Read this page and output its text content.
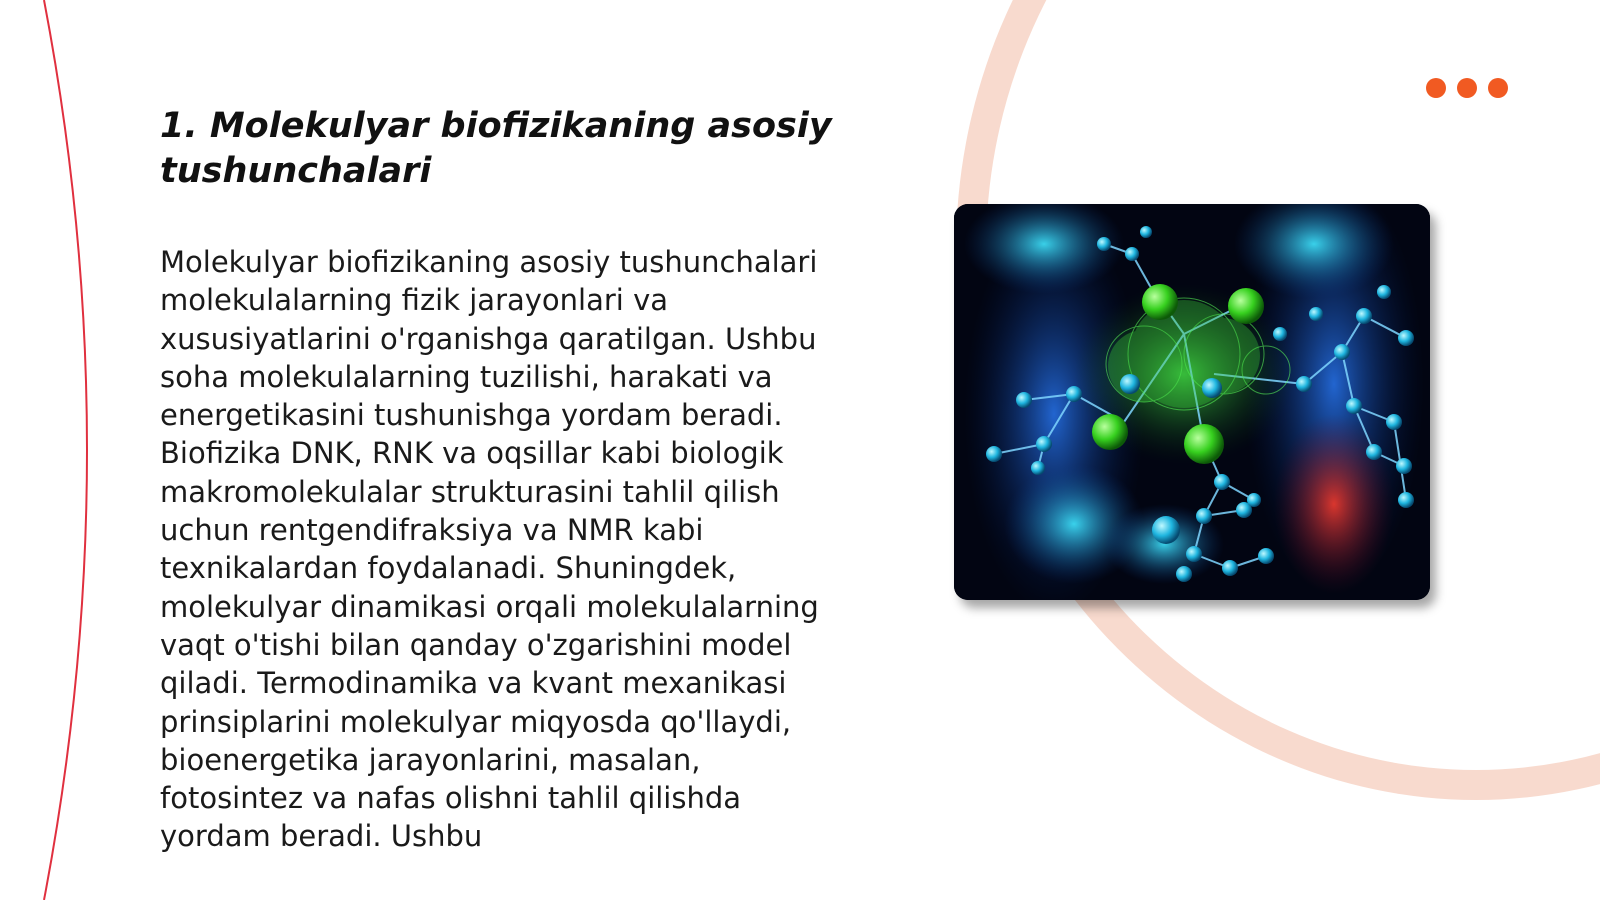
1. Molekulyar biofizikaning asosiy tushunchalari

Molekulyar biofizikaning asosiy tushunchalari molekulalarning fizik jarayonlari va xususiyatlarini o'rganishga qaratilgan. Ushbu soha molekulalarning tuzilishi, harakati va energetikasini tushunishga yordam beradi. Biofizika DNK, RNK va oqsillar kabi biologik makromolekulalar strukturasini tahlil qilish uchun rentgendifraksiya va NMR kabi texnikalardan foydalanadi. Shuningdek, molekulyar dinamikasi orqali molekulalarning vaqt o'tishi bilan qanday o'zgarishini model qiladi. Termodinamika va kvant mexanikasi prinsiplarini molekulyar miqyosda qo'llaydi, bioenergetika jarayonlarini, masalan, fotosintez va nafas olishni tahlil qilishda yordam beradi. Ushbu
